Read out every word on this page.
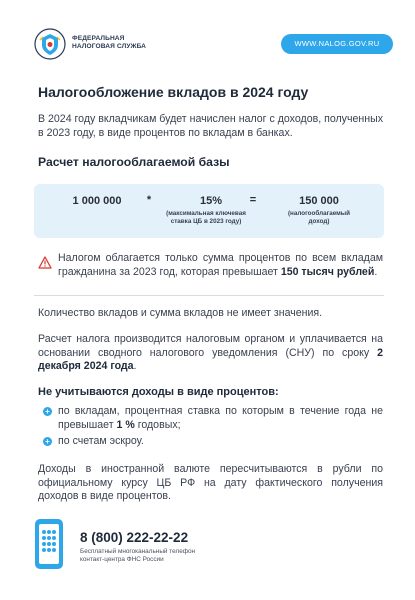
ФЕДЕРАЛЬНАЯ
НАЛОГОВАЯ СЛУЖБА	WWW.NALOG.GOV.RU
Налогообложение вкладов в 2024 году
В 2024 году вкладчикам будет начислен налог с доходов, полученных в 2023 году, в виде процентов по вкладам в банках.
Расчет налогооблагаемой базы
1 000 000	*	15%
(максимальная ключевая
ставка ЦБ в 2023 году)
=	150 000
(налогооблагаемый
доход)
Налогом облагается только сумма процентов по всем вкладам гражданина за 2023 год, которая превышает 150 тысяч рублей.
Количество вкладов и сумма вкладов не имеет значения.
Расчет налога производится налоговым органом и уплачивается на основании сводного налогового уведомления (СНУ) по сроку 2 декабря 2024 года.
Не учитываются доходы в виде процентов:
+ по вкладам, процентная ставка по которым в течение года не превышает 1 % годовых;
+ по счетам эскроу.
Доходы в иностранной валюте пересчитываются в рубли по официальному курсу ЦБ РФ на дату фактического получения доходов в виде процентов.
8 (800) 222-22-22
Бесплатный многоканальный телефон
контакт-центра ФНС России
